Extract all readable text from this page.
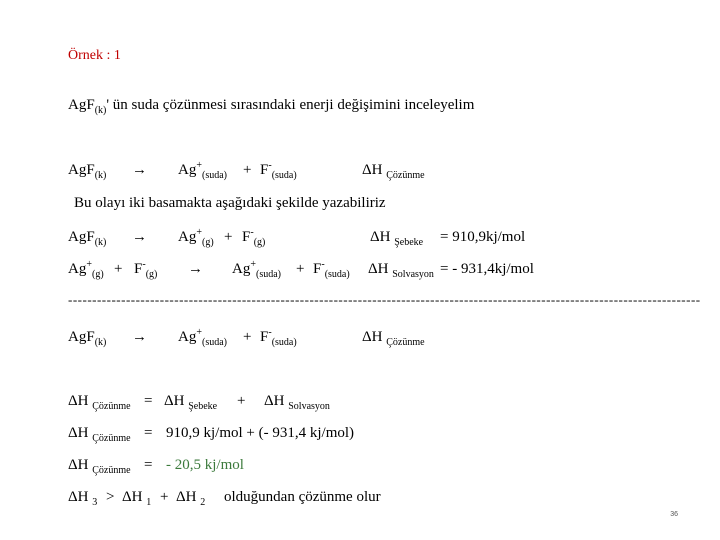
Örnek : 1
AgF$_{(k)}$' ün suda çözünmesi sırasındaki enerji değişimini inceleyelim
$AgF_{(k)} \to Ag^+_{(suda)} + F^-_{(suda)}$	ΔH $_{Çözünme}$
Bu olayı iki basamakta aşağıdaki şekilde yazabiliriz
$AgF_{(k)} \to Ag^+_{(g)} + F^-_{(g)}$	ΔH $_{Şebeke}$ = 910,9kj/mol
$Ag^+_{(g)} + F^-_{(g)} \to Ag^+_{(suda)} + F^-_{(suda)}$ ΔH $_{Solvasyon}$ = - 931,4kj/mol
-----------------------------------------------------------------------------------------------------------------------------------
$AgF_{(k)} \to Ag^+_{(suda)} + F^-_{(suda)}$	ΔH $_{Çözünme}$
ΔH $_{Çözünme}$ = ΔH $_{Şebeke}$ + ΔH $_{Solvasyon}$
ΔH $_{Çözünme}$ = 910,9 kj/mol + (- 931,4 kj/mol)
ΔH $_{Çözünme}$ = - 20,5 kj/mol
ΔH $_3$ > ΔH $_1$ + ΔH $_2$ olduğundan çözünme olur
36
